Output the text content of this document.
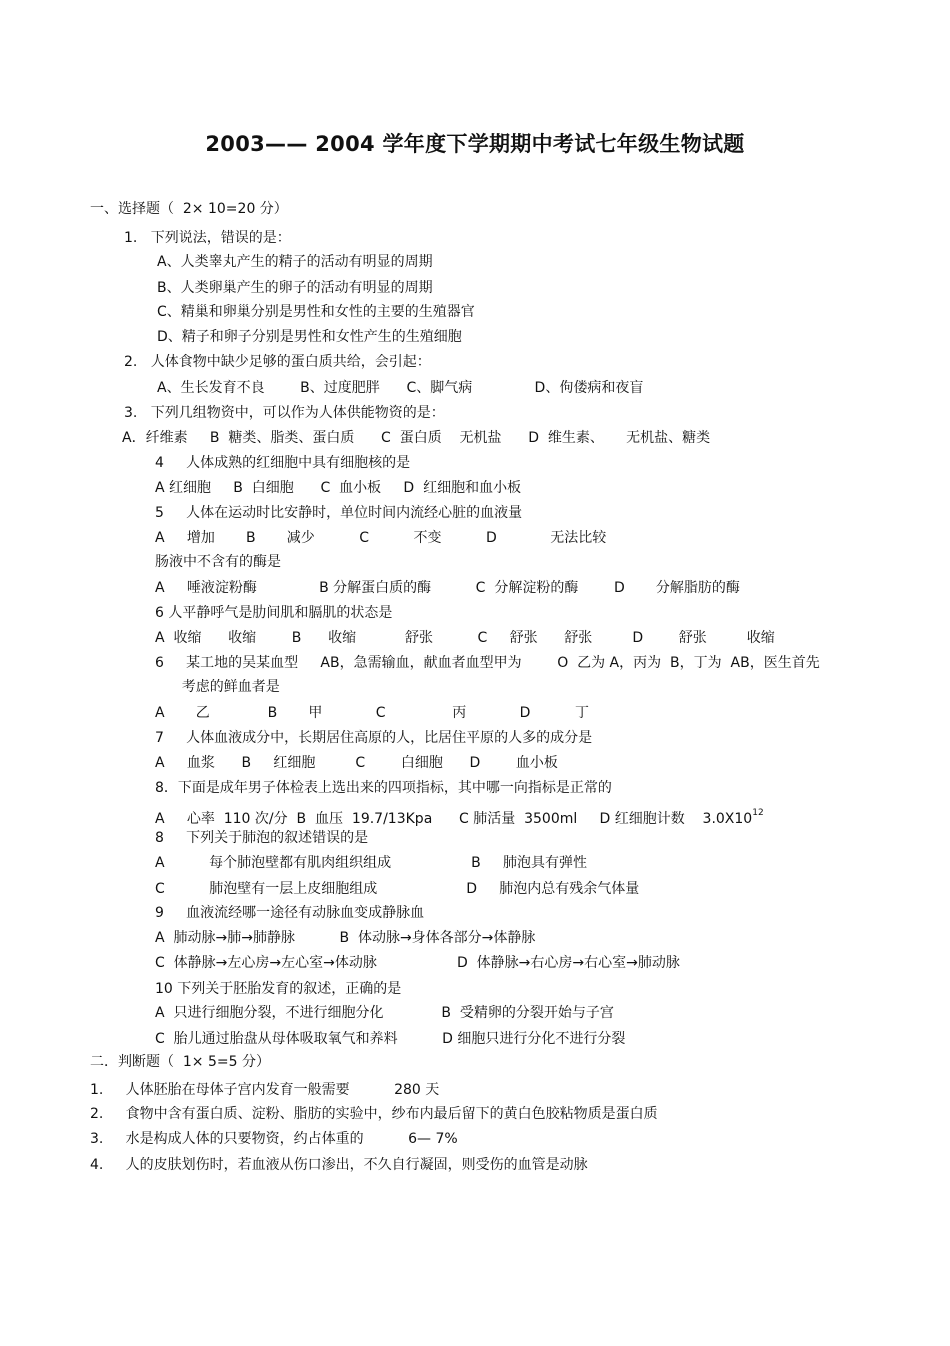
2003—— 2004 学年度下学期期中考试七年级生物试题
一、选择题（  2× 10=20 分）
1.   下列说法，错误的是：
A、人类睾丸产生的精子的活动有明显的周期
B、人类卵巢产生的卵子的活动有明显的周期
C、精巢和卵巢分别是男性和女性的主要的生殖器官
D、精子和卵子分别是男性和女性产生的生殖细胞
2.   人体食物中缺少足够的蛋白质共给，会引起：
A、生长发育不良        B、过度肥胖      C、脚气病              D、佝偻病和夜盲
3.   下列几组物资中，可以作为人体供能物资的是：
A．纤维素     B  糖类、脂类、蛋白质      C  蛋白质    无机盐      D  维生素、     无机盐、糖类
4     人体成熟的红细胞中具有细胞核的是
A 红细胞     B  白细胞      C  血小板     D  红细胞和血小板
5     人体在运动时比安静时，单位时间内流经心脏的血液量
A     增加       B       减少          C          不变          D            无法比较
肠液中不含有的酶是
A     唾液淀粉酶              B 分解蛋白质的酶          C  分解淀粉的酶        D       分解脂肪的酶
6 人平静呼气是肋间肌和膈肌的状态是
A  收缩      收缩        B      收缩           舒张          C     舒张      舒张         D        舒张         收缩
6     某工地的吴某血型     AB，急需输血，献血者血型甲为        O  乙为 A，丙为  B，丁为  AB，医生首先
考虑的鲜血者是
A       乙             B       甲            C               丙            D          丁
7     人体血液成分中，长期居住高原的人，比居住平原的人多的成分是
A     血浆      B     红细胞         C        白细胞      D        血小板
8．下面是成年男子体检表上选出来的四项指标，其中哪一向指标是正常的
A     心率  110 次/分  B  血压  19.7/13Kpa      C 肺活量  3500ml     D 红细胞计数    $3.0X10^{12}$
8     下列关于肺泡的叙述错误的是
A          每个肺泡壁都有肌肉组织组成                  B     肺泡具有弹性
C          肺泡壁有一层上皮细胞组成                    D     肺泡内总有残余气体量
9     血液流经哪一途径有动脉血变成静脉血
A  肺动脉→肺→肺静脉          B  体动脉→身体各部分→体静脉
C  体静脉→左心房→左心室→体动脉                  D  体静脉→右心房→右心室→肺动脉
10 下列关于胚胎发育的叙述，正确的是
A  只进行细胞分裂，不进行细胞分化             B  受精卵的分裂开始与子宫
C  胎儿通过胎盘从母体吸取氧气和养料          D 细胞只进行分化不进行分裂
二．判断题（  1× 5=5 分）
1.     人体胚胎在母体子宫内发育一般需要          280 天
2.     食物中含有蛋白质、淀粉、脂肪的实验中，纱布内最后留下的黄白色胶粘物质是蛋白质
3.     水是构成人体的只要物资，约占体重的          6— 7%
4.     人的皮肤划伤时，若血液从伤口渗出，不久自行凝固，则受伤的血管是动脉
